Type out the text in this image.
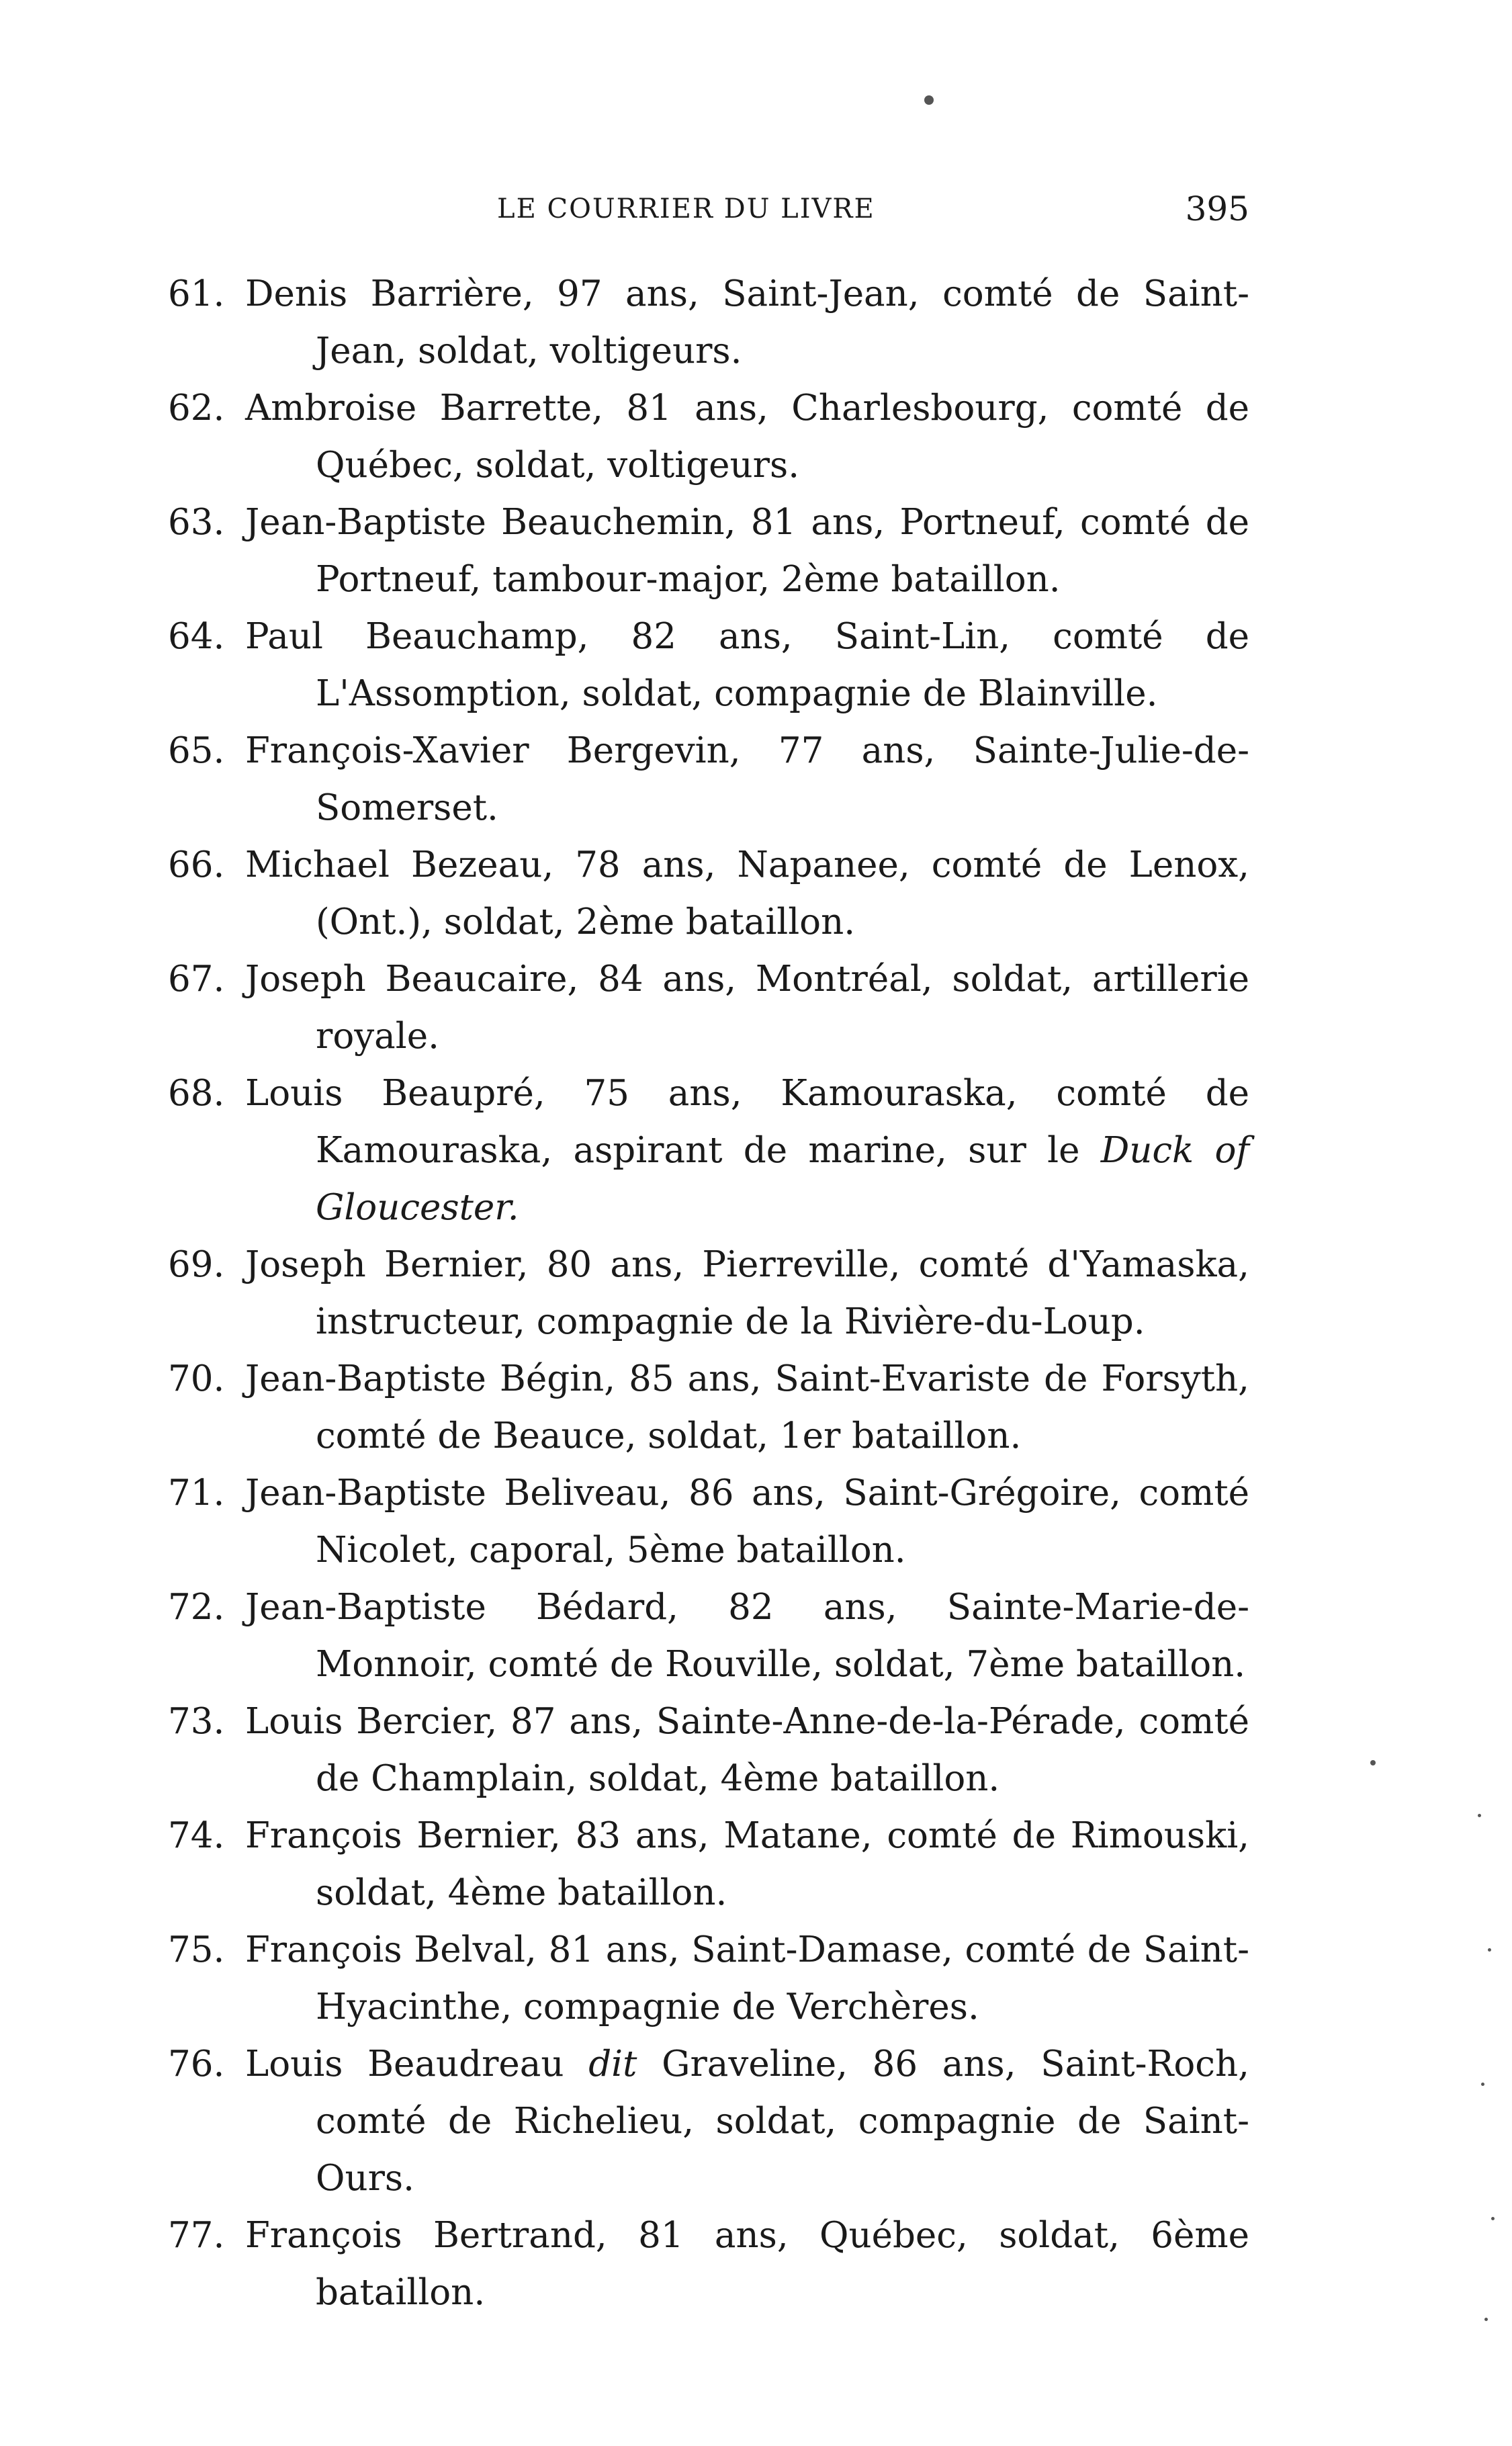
LE COURRIER DU LIVRE	395

61. Denis Barrière, 97 ans, Saint-Jean, comté de Saint-Jean, soldat, voltigeurs.

62. Ambroise Barrette, 81 ans, Charlesbourg, comté de Québec, soldat, voltigeurs.

63. Jean-Baptiste Beauchemin, 81 ans, Portneuf, comté de Portneuf, tambour-major, 2ème bataillon.

64. Paul Beauchamp, 82 ans, Saint-Lin, comté de L'Assomption, soldat, compagnie de Blainville.

65. François-Xavier Bergevin, 77 ans, Sainte-Julie-de-Somerset.

66. Michael Bezeau, 78 ans, Napanee, comté de Lenox, (Ont.), soldat, 2ème bataillon.

67. Joseph Beaucaire, 84 ans, Montréal, soldat, artillerie royale.

68. Louis Beaupré, 75 ans, Kamouraska, comté de Kamouraska, aspirant de marine, sur le Duck of Gloucester.

69. Joseph Bernier, 80 ans, Pierreville, comté d'Yamaska, instructeur, compagnie de la Rivière-du-Loup.

70. Jean-Baptiste Bégin, 85 ans, Saint-Evariste de Forsyth, comté de Beauce, soldat, 1er bataillon.

71. Jean-Baptiste Beliveau, 86 ans, Saint-Grégoire, comté Nicolet, caporal, 5ème bataillon.

72. Jean-Baptiste Bédard, 82 ans, Sainte-Marie-de-Monnoir, comté de Rouville, soldat, 7ème bataillon.

73. Louis Bercier, 87 ans, Sainte-Anne-de-la-Pérade, comté de Champlain, soldat, 4ème bataillon.

74. François Bernier, 83 ans, Matane, comté de Rimouski, soldat, 4ème bataillon.

75. François Belval, 81 ans, Saint-Damase, comté de Saint-Hyacinthe, compagnie de Verchères.

76. Louis Beaudreau dit Graveline, 86 ans, Saint-Roch, comté de Richelieu, soldat, compagnie de Saint-Ours.

77. François Bertrand, 81 ans, Québec, soldat, 6ème bataillon.
